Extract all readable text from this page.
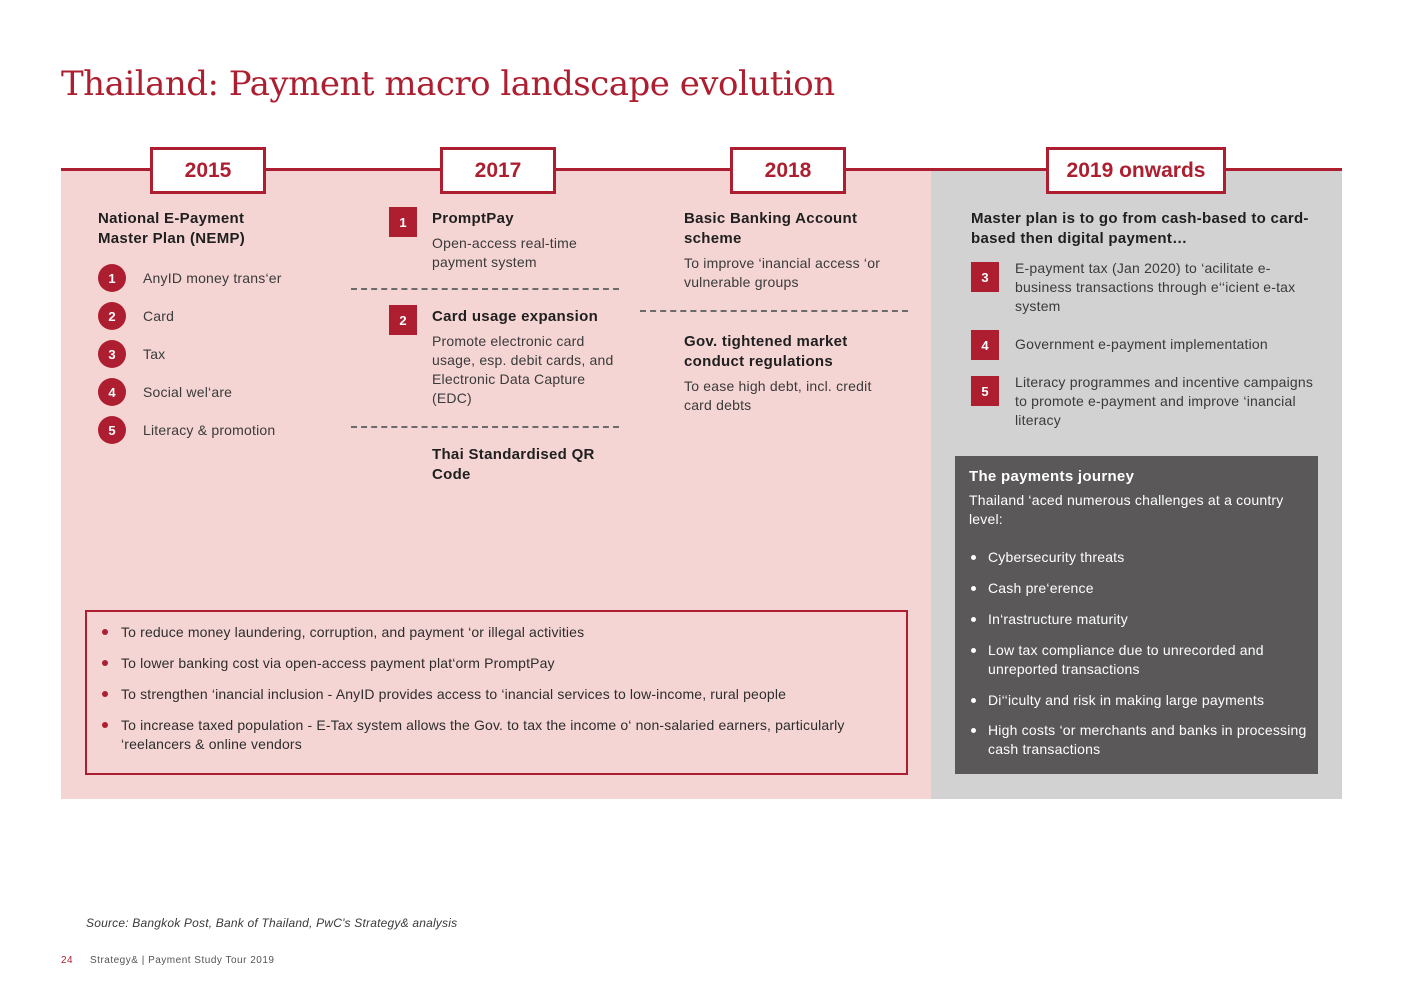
Thailand: Payment macro landscape evolution
2015	2017	2018	2019 onwards
National E-Payment Master Plan (NEMP)
1	AnyID money trans‘er
2	Card
3	Tax
4	Social wel‘are
5	Literacy & promotion
1	PromptPay
Open-access real-time payment system
2	Card usage expansion
Promote electronic card usage, esp. debit cards, and Electronic Data Capture (EDC)
Thai Standardised QR Code
Basic Banking Account scheme
To improve ‘inancial access ‘or vulnerable groups
Gov. tightened market conduct regulations
To ease high debt, incl. credit card debts
Master plan is to go from cash-based to card-based then digital payment…
3
E-payment tax (Jan 2020) to ‘acilitate e-business transactions through e‘‘icient e-tax system
4	Government e-payment implementation
5
Literacy programmes and incentive campaigns to promote e-payment and improve ‘inancial literacy
To reduce money laundering, corruption, and payment ‘or illegal activities
To lower banking cost via open-access payment plat‘orm PromptPay
To strengthen ‘inancial inclusion - AnyID provides access to ‘inancial services to low-income, rural people
To increase taxed population - E-Tax system allows the Gov. to tax the income o‘ non-salaried earners, particularly ‘reelancers & online vendors
The payments journey
Thailand ‘aced numerous challenges at a country level:
Cybersecurity threats
Cash pre‘erence
In‘rastructure maturity
Low tax compliance due to unrecorded and unreported transactions
Di‘‘iculty and risk in making large payments
High costs ‘or merchants and banks in processing cash transactions
Source: Bangkok Post, Bank of Thailand, PwC's Strategy& analysis
24 Strategy& | Payment Study Tour 2019
